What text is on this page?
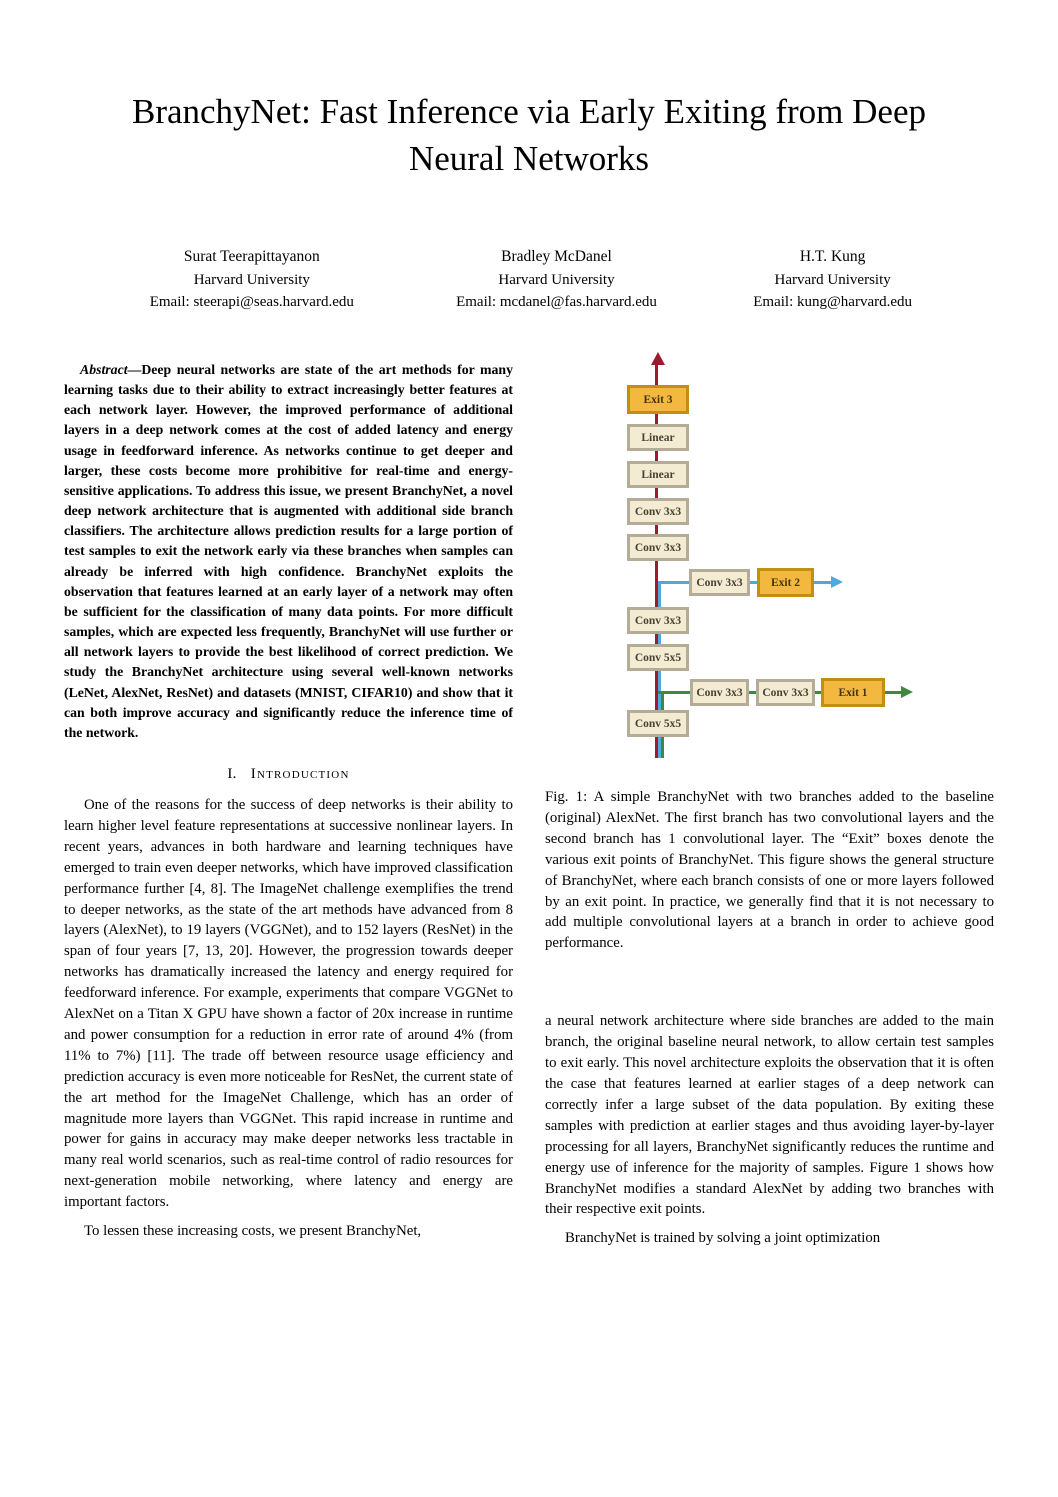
BranchyNet: Fast Inference via Early Exiting from Deep Neural Networks
Surat Teerapittayanon
Harvard University
Email: steerapi@seas.harvard.edu
Bradley McDanel
Harvard University
Email: mcdanel@fas.harvard.edu
H.T. Kung
Harvard University
Email: kung@harvard.edu
Abstract—Deep neural networks are state of the art methods for many learning tasks due to their ability to extract increasingly better features at each network layer. However, the improved performance of additional layers in a deep network comes at the cost of added latency and energy usage in feedforward inference. As networks continue to get deeper and larger, these costs become more prohibitive for real-time and energy-sensitive applications. To address this issue, we present BranchyNet, a novel deep network architecture that is augmented with additional side branch classifiers. The architecture allows prediction results for a large portion of test samples to exit the network early via these branches when samples can already be inferred with high confidence. BranchyNet exploits the observation that features learned at an early layer of a network may often be sufficient for the classification of many data points. For more difficult samples, which are expected less frequently, BranchyNet will use further or all network layers to provide the best likelihood of correct prediction. We study the BranchyNet architecture using several well-known networks (LeNet, AlexNet, ResNet) and datasets (MNIST, CIFAR10) and show that it can both improve accuracy and significantly reduce the inference time of the network.
I. Introduction

One of the reasons for the success of deep networks is their ability to learn higher level feature representations at successive nonlinear layers. In recent years, advances in both hardware and learning techniques have emerged to train even deeper networks, which have improved classification performance further [4, 8]. The ImageNet challenge exemplifies the trend to deeper networks, as the state of the art methods have advanced from 8 layers (AlexNet), to 19 layers (VGGNet), and to 152 layers (ResNet) in the span of four years [7, 13, 20]. However, the progression towards deeper networks has dramatically increased the latency and energy required for feedforward inference. For example, experiments that compare VGGNet to AlexNet on a Titan X GPU have shown a factor of 20x increase in runtime and power consumption for a reduction in error rate of around 4% (from 11% to 7%) [11]. The trade off between resource usage efficiency and prediction accuracy is even more noticeable for ResNet, the current state of the art method for the ImageNet Challenge, which has an order of magnitude more layers than VGGNet. This rapid increase in runtime and power for gains in accuracy may make deeper networks less tractable in many real world scenarios, such as real-time control of radio resources for next-generation mobile networking, where latency and energy are important factors.

To lessen these increasing costs, we present BranchyNet,

Exit 3
Linear
Linear
Conv 3x3
Conv 3x3
Conv 3x3
Conv 5x5
Conv 5x5
Conv 3x3	Exit 2
Conv 3x3	Conv 3x3	Exit 1

Fig. 1: A simple BranchyNet with two branches added to the baseline (original) AlexNet. The first branch has two convolutional layers and the second branch has 1 convolutional layer. The “Exit” boxes denote the various exit points of BranchyNet. This figure shows the general structure of BranchyNet, where each branch consists of one or more layers followed by an exit point. In practice, we generally find that it is not necessary to add multiple convolutional layers at a branch in order to achieve good performance.

a neural network architecture where side branches are added to the main branch, the original baseline neural network, to allow certain test samples to exit early. This novel architecture exploits the observation that it is often the case that features learned at earlier stages of a deep network can correctly infer a large subset of the data population. By exiting these samples with prediction at earlier stages and thus avoiding layer-by-layer processing for all layers, BranchyNet significantly reduces the runtime and energy use of inference for the majority of samples. Figure 1 shows how BranchyNet modifies a standard AlexNet by adding two branches with their respective exit points.

BranchyNet is trained by solving a joint optimization
